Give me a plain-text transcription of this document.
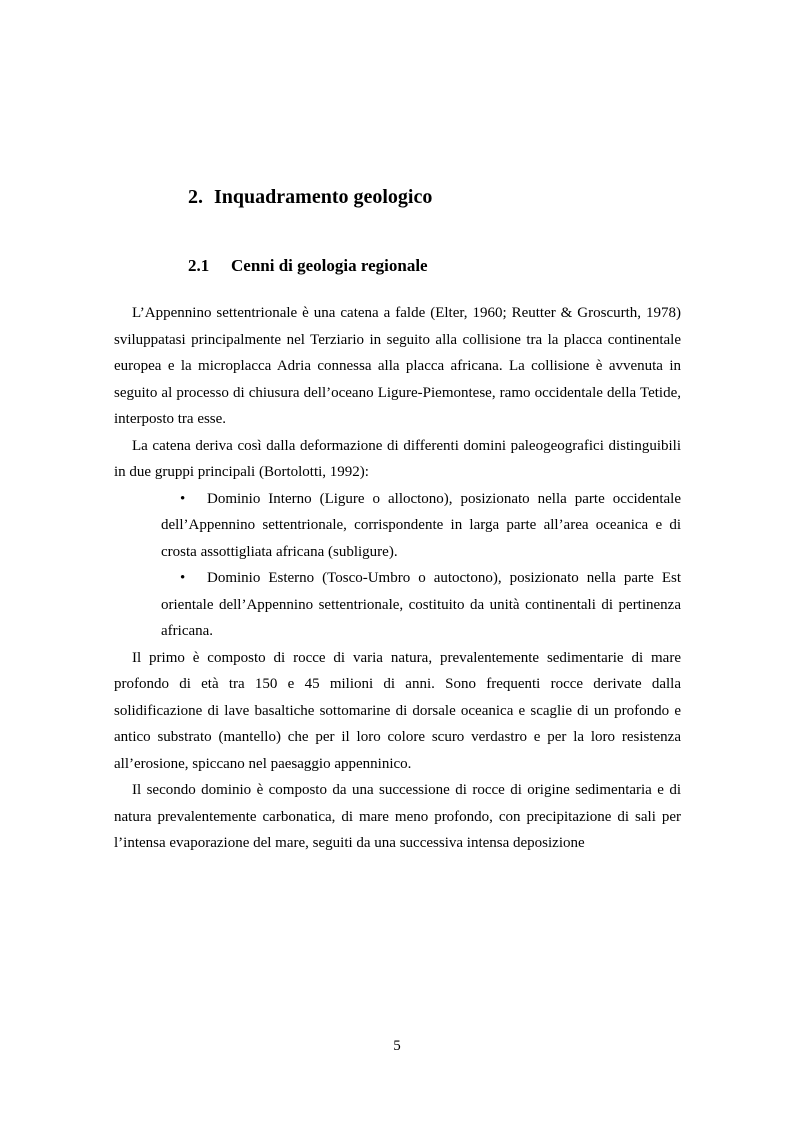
2. Inquadramento geologico
2.1 Cenni di geologia regionale

L’Appennino settentrionale è una catena a falde (Elter, 1960; Reutter & Groscurth, 1978) sviluppatasi principalmente nel Terziario in seguito alla collisione tra la placca continentale europea e la microplacca Adria connessa alla placca africana. La collisione è avvenuta in seguito al processo di chiusura dell’oceano Ligure-Piemontese, ramo occidentale della Tetide, interposto tra esse.

La catena deriva così dalla deformazione di differenti domini paleogeografici distinguibili in due gruppi principali (Bortolotti, 1992):

• Dominio Interno (Ligure o alloctono), posizionato nella parte occidentale dell’Appennino settentrionale, corrispondente in larga parte all’area oceanica e di crosta assottigliata africana (subligure).
• Dominio Esterno (Tosco-Umbro o autoctono), posizionato nella parte Est orientale dell’Appennino settentrionale, costituito da unità continentali di pertinenza africana.

Il primo è composto di rocce di varia natura, prevalentemente sedimentarie di mare profondo di età tra 150 e 45 milioni di anni. Sono frequenti rocce derivate dalla solidificazione di lave basaltiche sottomarine di dorsale oceanica e scaglie di un profondo e antico substrato (mantello) che per il loro colore scuro verdastro e per la loro resistenza all’erosione, spiccano nel paesaggio appenninico.

Il secondo dominio è composto da una successione di rocce di origine sedimentaria e di natura prevalentemente carbonatica, di mare meno profondo, con precipitazione di sali per l’intensa evaporazione del mare, seguiti da una successiva intensa deposizione

5
